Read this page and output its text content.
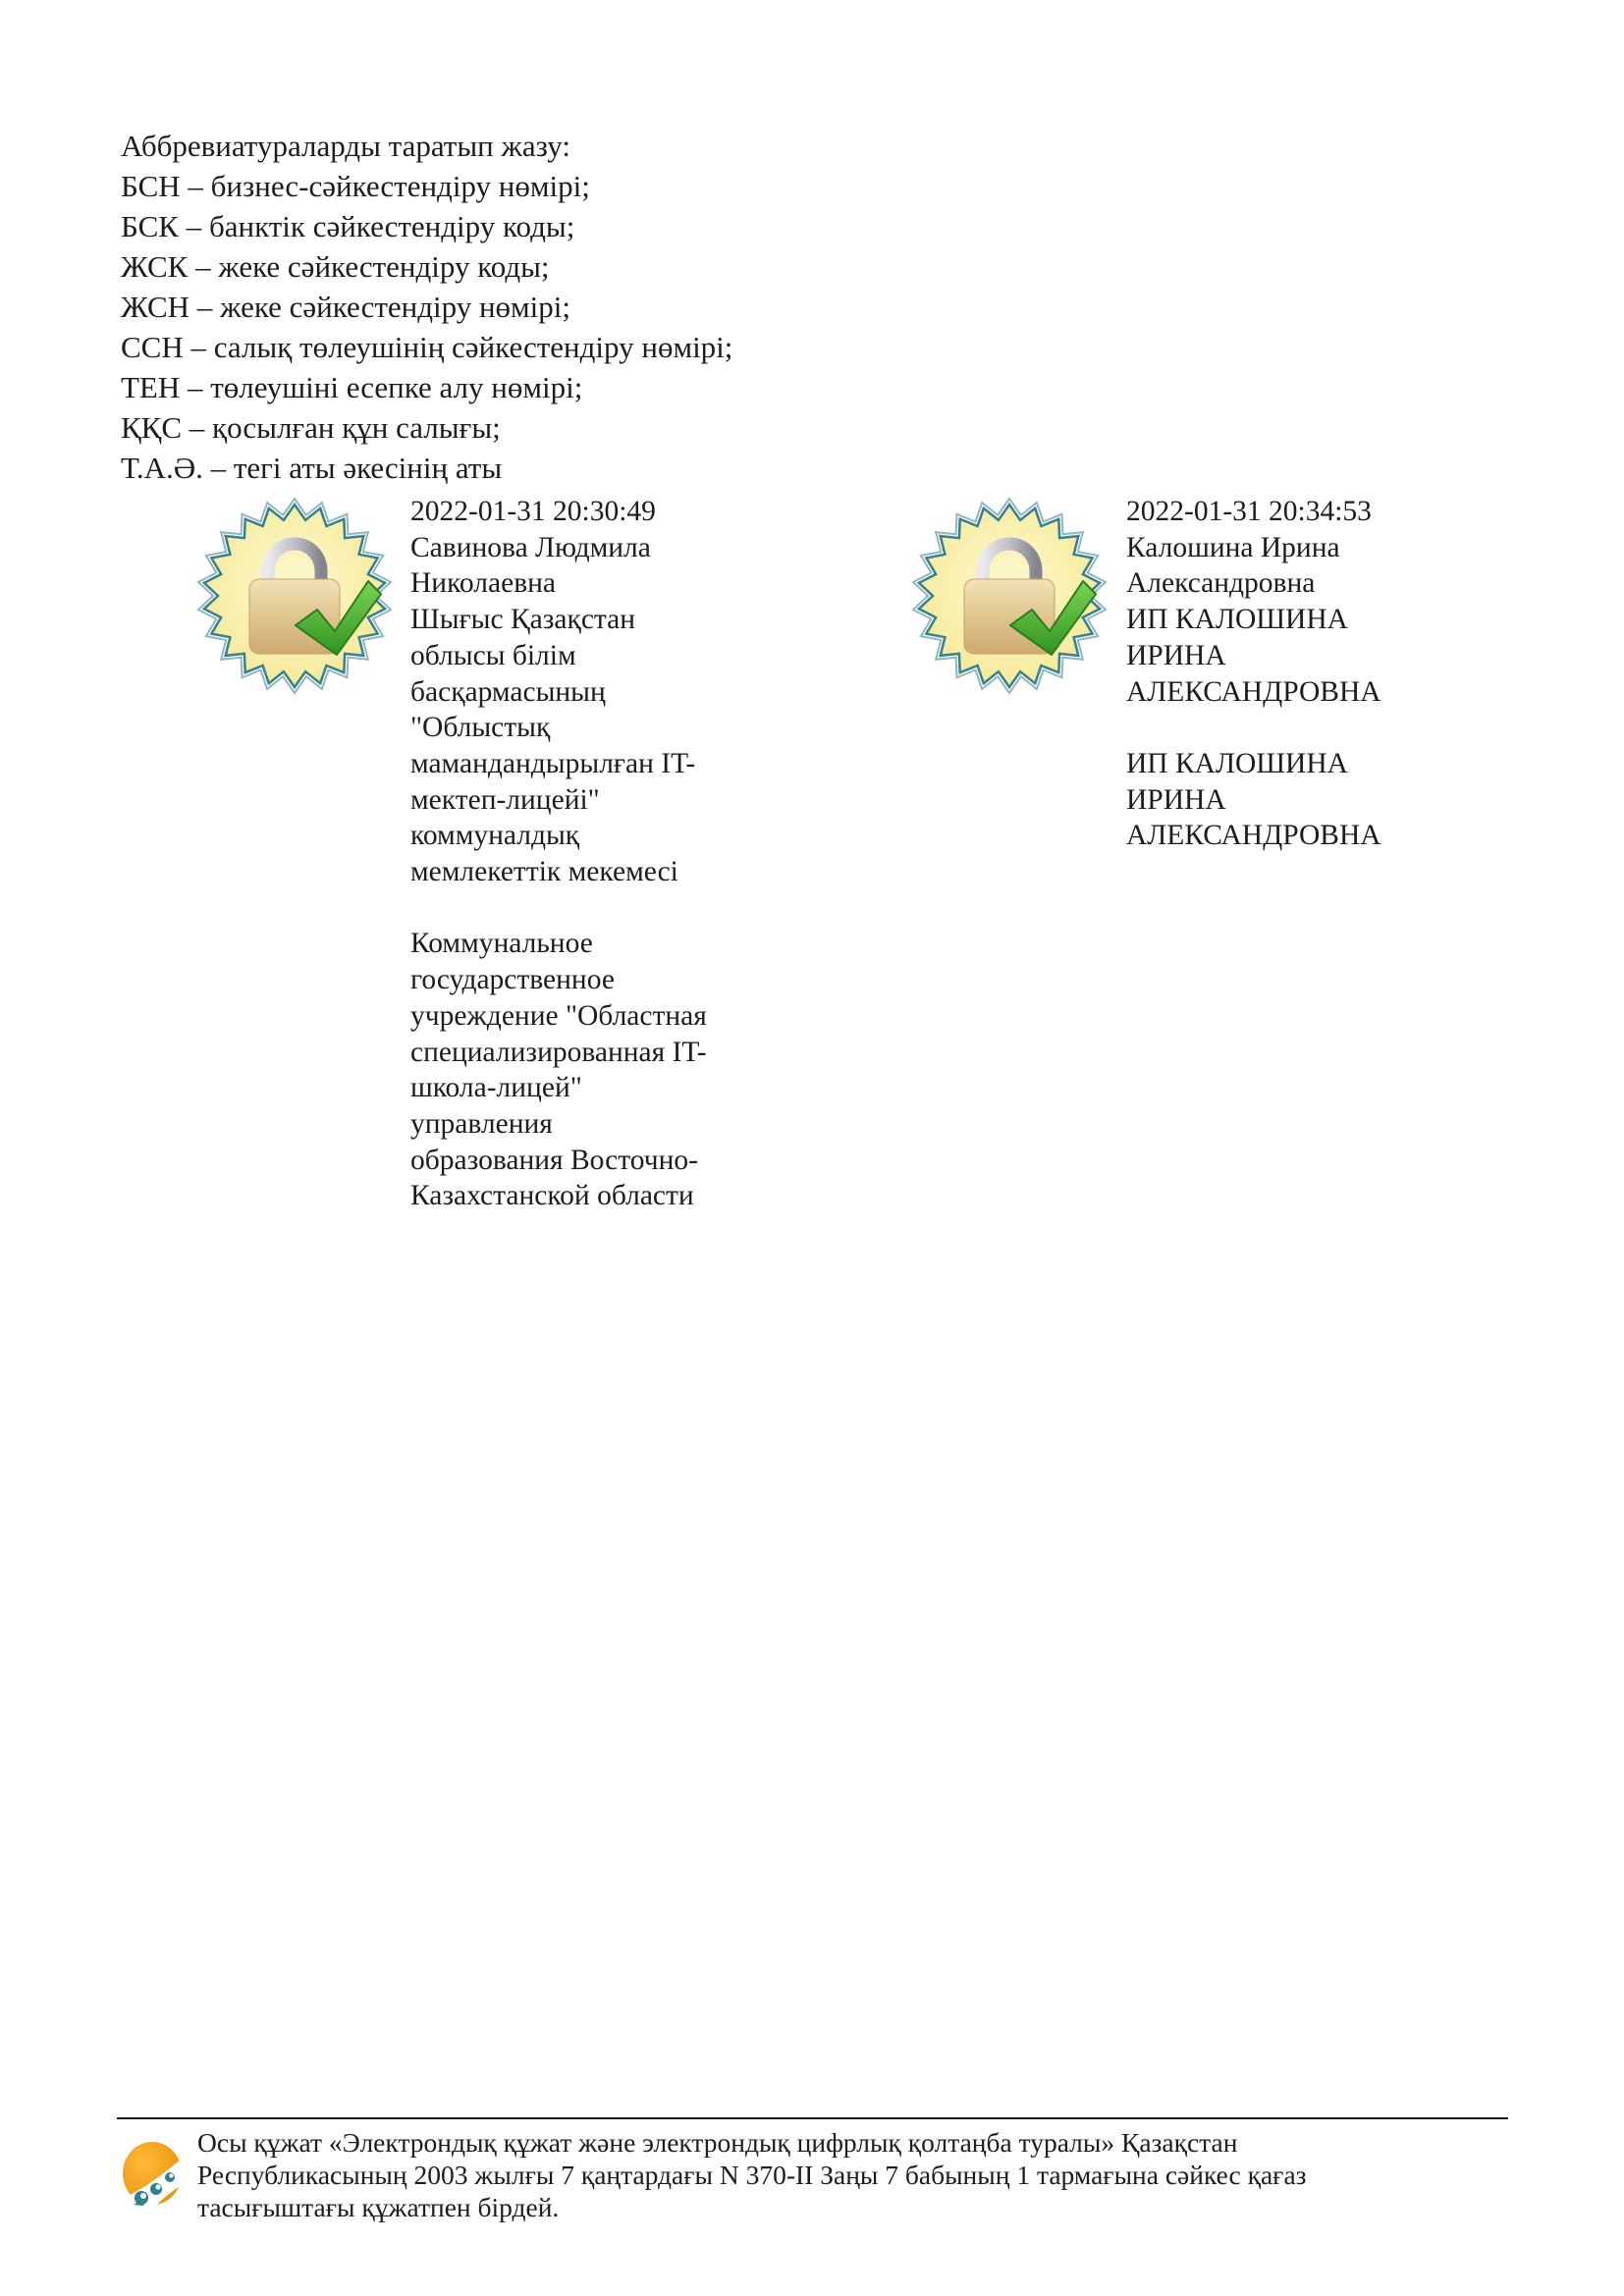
Аббревиатураларды таратып жазу:
БСН – бизнес-сәйкестендіру нөмірі;
БСК – банктік сәйкестендіру коды;
ЖСК – жеке сәйкестендіру коды;
ЖСН – жеке сәйкестендіру нөмірі;
ССН – салық төлеушінің сәйкестендіру нөмірі;
ТЕН – төлеушіні есепке алу нөмірі;
ҚҚС – қосылған құн салығы;
Т.А.Ә. – тегі аты әкесінің аты
2022-01-31 20:30:49
Савинова Людмила
Николаевна
Шығыс Қазақстан
облысы білім
басқармасының
"Облыстық
мамандандырылған IT-
мектеп-лицейі"
коммуналдық
мемлекеттік мекемесі

Коммунальное
государственное
учреждение "Областная
специализированная IT-
школа-лицей"
управления
образования Восточно-
Казахстанской области
2022-01-31 20:34:53
Калошина Ирина
Александровна
ИП КАЛОШИНА
ИРИНА
АЛЕКСАНДРОВНА

ИП КАЛОШИНА
ИРИНА
АЛЕКСАНДРОВНА
Осы құжат «Электрондық құжат және электрондық цифрлық қолтаңба туралы» Қазақстан
Республикасының 2003 жылғы 7 қаңтардағы N 370-II Заңы 7 бабының 1 тармағына сәйкес қағаз
тасығыштағы құжатпен бірдей.
